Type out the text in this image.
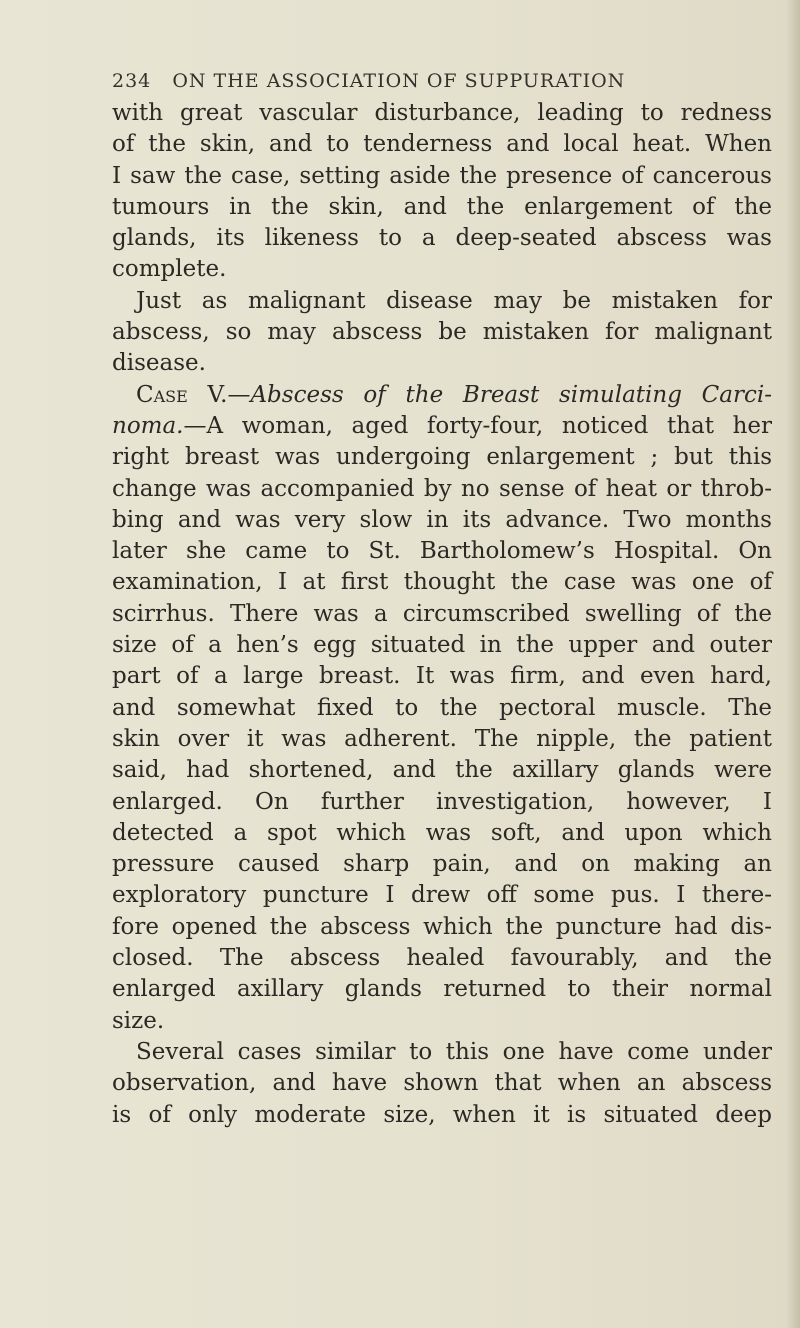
234 ON THE ASSOCIATION OF SUPPURATION
with great vascular disturbance, leading to redness
of the skin, and to tenderness and local heat. When
I saw the case, setting aside the presence of cancerous
tumours in the skin, and the enlargement of the
glands, its likeness to a deep-seated abscess was
complete.
Just as malignant disease may be mistaken for
abscess, so may abscess be mistaken for malignant
disease.
Case V.—Abscess of the Breast simulating Carci-
noma.—A woman, aged forty-four, noticed that her
right breast was undergoing enlargement ; but this
change was accompanied by no sense of heat or throb-
bing and was very slow in its advance. Two months
later she came to St. Bartholomew’s Hospital. On
examination, I at first thought the case was one of
scirrhus. There was a circumscribed swelling of the
size of a hen’s egg situated in the upper and outer
part of a large breast. It was firm, and even hard,
and somewhat fixed to the pectoral muscle. The
skin over it was adherent. The nipple, the patient
said, had shortened, and the axillary glands were
enlarged. On further investigation, however, I
detected a spot which was soft, and upon which
pressure caused sharp pain, and on making an
exploratory puncture I drew off some pus. I there-
fore opened the abscess which the puncture had dis-
closed. The abscess healed favourably, and the
enlarged axillary glands returned to their normal
size.
Several cases similar to this one have come under
observation, and have shown that when an abscess
is of only moderate size, when it is situated deep
